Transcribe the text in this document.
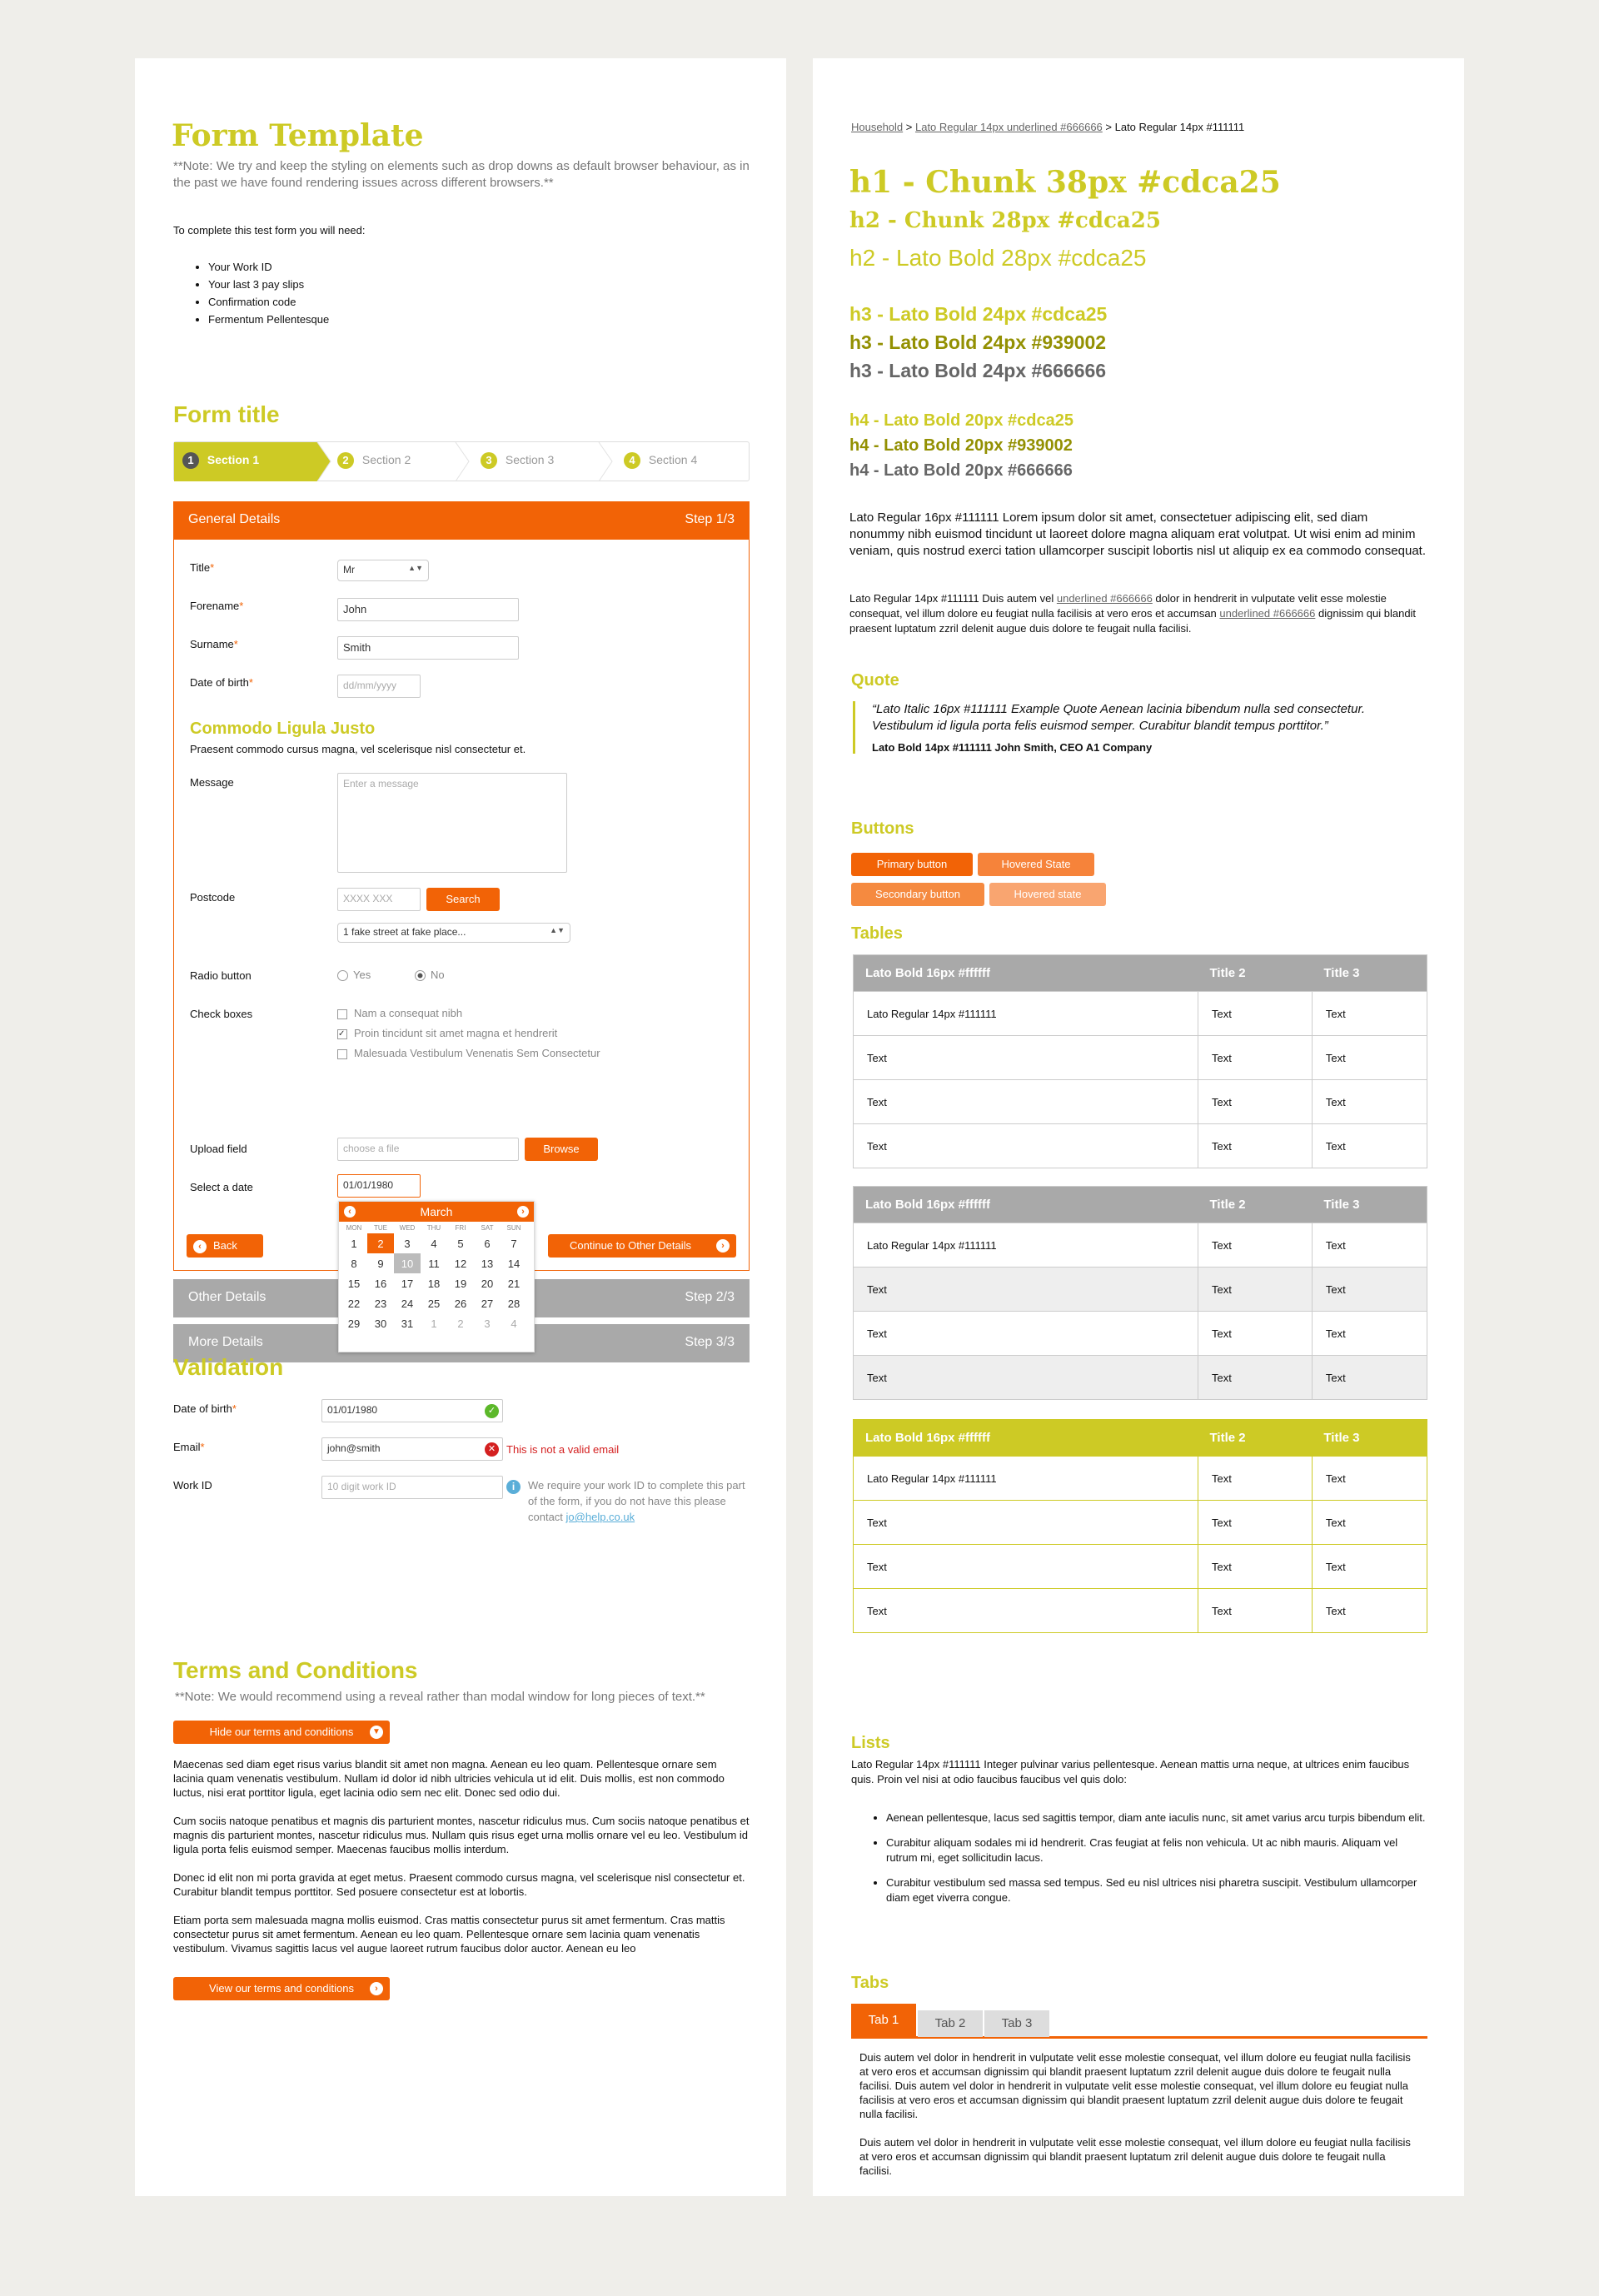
Form Template
**Note: We try and keep the styling on elements such as drop downs as default browser behaviour, as in the past we have found rendering issues across different browsers.**
To complete this test form you will need:
• Your Work ID
• Your last 3 pay slips
• Confirmation code
• Fermentum Pellentesque
Form title
1 Section 1	2 Section 2	3 Section 3	4 Section 4
General Details	Step 1/3
Title*	Mr	▲▼
Forename*	John
Surname*	Smith
Date of birth*	dd/mm/yyyy
Commodo Ligula Justo
Praesent commodo cursus magna, vel scelerisque nisl consectetur et.
Message	Enter a message
Postcode	XXXX XXX	Search
1 fake street at fake place...	▲▼
Radio button	Yes	No
Check boxes	Nam a consequat nibh
✓ Proin tincidunt sit amet magna et hendrerit
Malesuada Vestibulum Venenatis Sem Consectetur
Upload field	choose a file	Browse
Select a date	01/01/1980
‹ Back	Continue to Other Details	›
Other Details	Step 2/3
More Details	Step 3/3
‹	March	›
MON	TUE	WED	THU	FRI	SAT	SUN
1	2	3	4	5	6	7
8	9	10	11	12	13	14
15	16	17	18	19	20	21
22	23	24	25	26	27	28
29	30	31	1	2	3	4
Validation
Date of birth*	01/01/1980	✓
Email*	john@smith	✕ This is not a valid email
Work ID	10 digit work ID	i	We require your work ID to complete this part of the form, if you do not have this please contact jo@help.co.uk
Terms and Conditions
**Note: We would recommend using a reveal rather than modal window for long pieces of text.**
Hide our terms and conditions	▼

Maecenas sed diam eget risus varius blandit sit amet non magna. Aenean eu leo quam. Pellentesque ornare sem lacinia quam venenatis vestibulum. Nullam id dolor id nibh ultricies vehicula ut id elit. Duis mollis, est non commodo luctus, nisi erat porttitor ligula, eget lacinia odio sem nec elit. Donec sed odio dui.

Cum sociis natoque penatibus et magnis dis parturient montes, nascetur ridiculus mus. Cum sociis natoque penatibus et magnis dis parturient montes, nascetur ridiculus mus. Nullam quis risus eget urna mollis ornare vel eu leo. Vestibulum id ligula porta felis euismod semper. Maecenas faucibus mollis interdum.

Donec id elit non mi porta gravida at eget metus. Praesent commodo cursus magna, vel scelerisque nisl consectetur et. Curabitur blandit tempus porttitor. Sed posuere consectetur est at lobortis.

Etiam porta sem malesuada magna mollis euismod. Cras mattis consectetur purus sit amet fermentum. Cras mattis consectetur purus sit amet fermentum. Aenean eu leo quam. Pellentesque ornare sem lacinia quam venenatis vestibulum. Vivamus sagittis lacus vel augue laoreet rutrum faucibus dolor auctor. Aenean eu leo

View our terms and conditions	›
Household > Lato Regular 14px underlined #666666 > Lato Regular 14px #111111
h1 - Chunk 38px #cdca25
h2 - Chunk 28px #cdca25
h2 - Lato Bold 28px #cdca25
h3 - Lato Bold 24px #cdca25
h3 - Lato Bold 24px #939002
h3 - Lato Bold 24px #666666
h4 - Lato Bold 20px #cdca25
h4 - Lato Bold 20px #939002
h4 - Lato Bold 20px #666666
Lato Regular 16px #111111 Lorem ipsum dolor sit amet, consectetuer adipiscing elit, sed diam nonummy nibh euismod tincidunt ut laoreet dolore magna aliquam erat volutpat. Ut wisi enim ad minim veniam, quis nostrud exerci tation ullamcorper suscipit lobortis nisl ut aliquip ex ea commodo consequat.
Lato Regular 14px #111111 Duis autem vel underlined #666666 dolor in hendrerit in vulputate velit esse molestie consequat, vel illum dolore eu feugiat nulla facilisis at vero eros et accumsan underlined #666666 dignissim qui blandit praesent luptatum zzril delenit augue duis dolore te feugait nulla facilisi.
Quote
“Lato Italic 16px #111111 Example Quote Aenean lacinia bibendum nulla sed consectetur. Vestibulum id ligula porta felis euismod semper. Curabitur blandit tempus porttitor.”
Lato Bold 14px #111111 John Smith, CEO A1 Company
Buttons
Primary button	Hovered State
Secondary button	Hovered state
Tables
Lato Bold 16px #ffffff	Title 2	Title 3
Lato Regular 14px #111111	Text	Text
Text	Text	Text
Text	Text	Text
Text	Text	Text
Lato Bold 16px #ffffff	Title 2	Title 3
Lato Regular 14px #111111	Text	Text
Text	Text	Text
Text	Text	Text
Text	Text	Text
Lato Bold 16px #ffffff	Title 2	Title 3
Lato Regular 14px #111111	Text	Text
Text	Text	Text
Text	Text	Text
Text	Text	Text
Lists
Lato Regular 14px #111111 Integer pulvinar varius pellentesque. Aenean mattis urna neque, at ultrices enim faucibus quis. Proin vel nisi at odio faucibus faucibus vel quis dolo:
• Aenean pellentesque, lacus sed sagittis tempor, diam ante iaculis nunc, sit amet varius arcu turpis bibendum elit.
• Curabitur aliquam sodales mi id hendrerit. Cras feugiat at felis non vehicula. Ut ac nibh mauris. Aliquam vel rutrum mi, eget sollicitudin lacus.
• Curabitur vestibulum sed massa sed tempus. Sed eu nisl ultrices nisi pharetra suscipit. Vestibulum ullamcorper diam eget viverra congue.
Tabs
Tab 1	Tab 2	Tab 3

Duis autem vel dolor in hendrerit in vulputate velit esse molestie consequat, vel illum dolore eu feugiat nulla facilisis at vero eros et accumsan dignissim qui blandit praesent luptatum zzril delenit augue duis dolore te feugait nulla facilisi. Duis autem vel dolor in hendrerit in vulputate velit esse molestie consequat, vel illum dolore eu feugiat nulla facilisis at vero eros et accumsan dignissim qui blandit praesent luptatum zzril delenit augue duis dolore te feugait nulla facilisi.

Duis autem vel dolor in hendrerit in vulputate velit esse molestie consequat, vel illum dolore eu feugiat nulla facilisis at vero eros et accumsan dignissim qui blandit praesent luptatum zril delenit augue duis dolore te feugait nulla facilisi.
